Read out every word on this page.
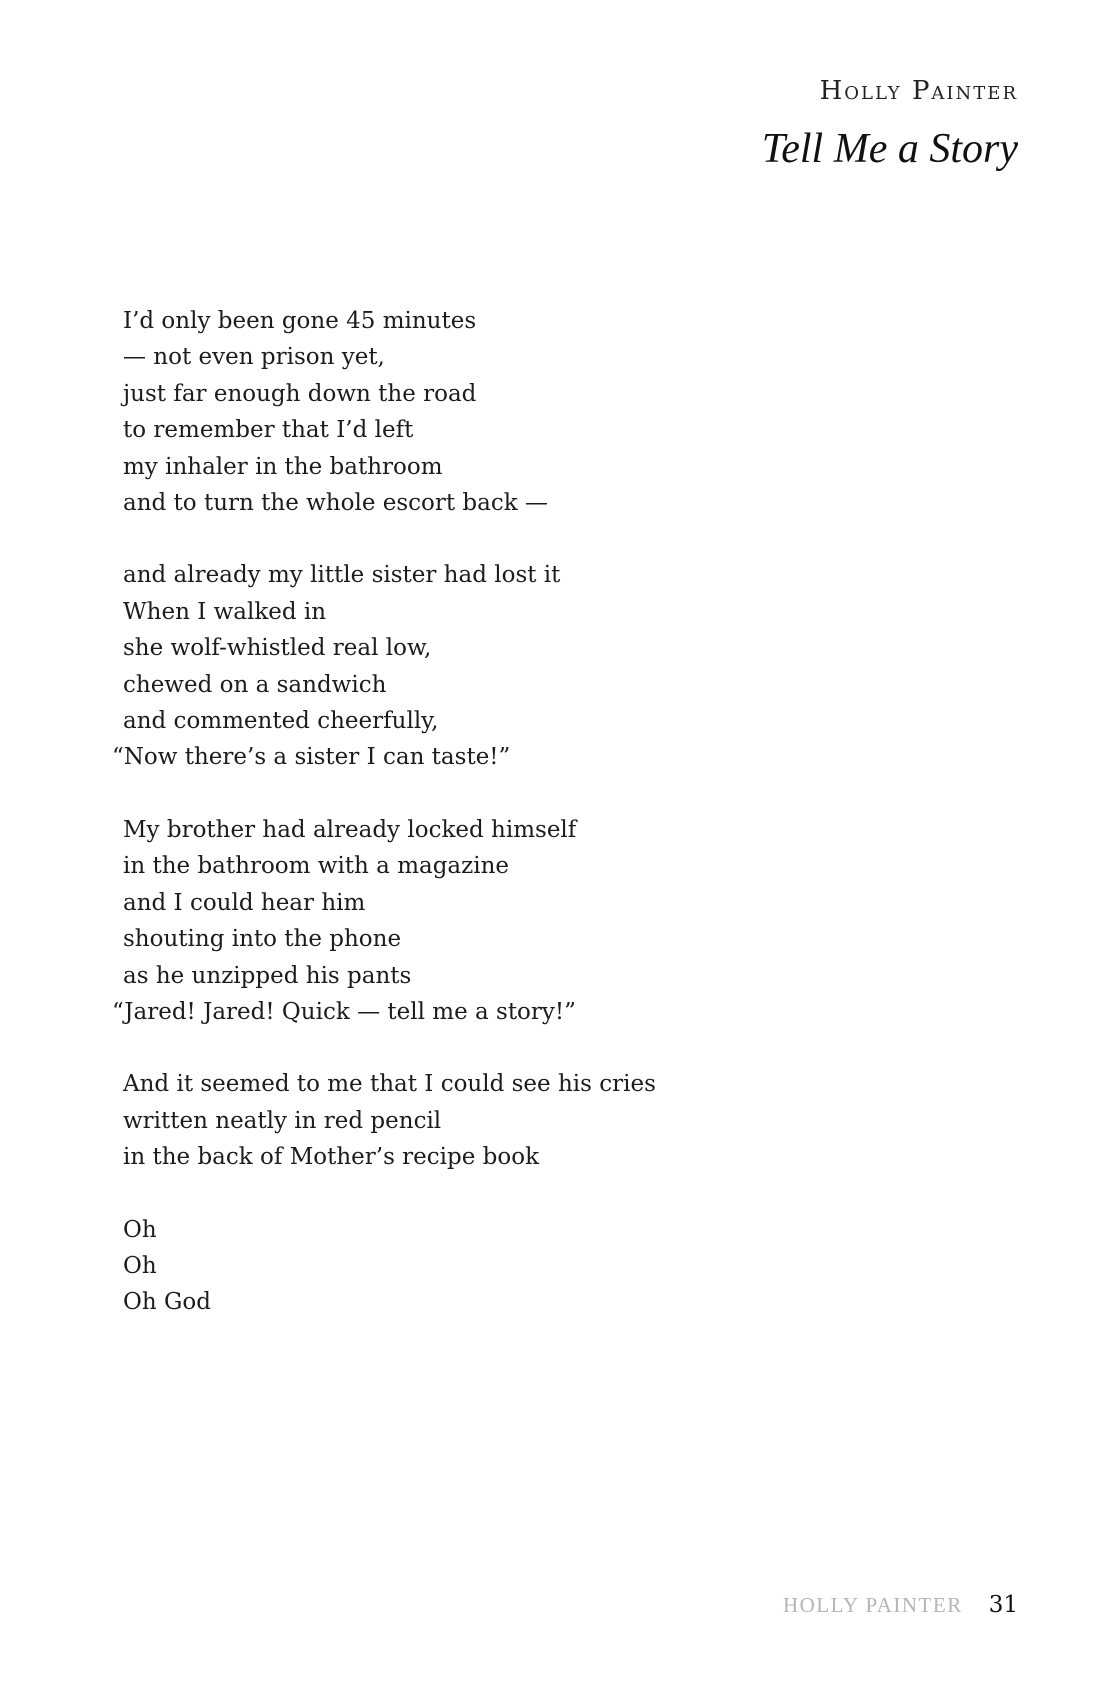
Holly Painter
Tell Me a Story
I’d only been gone 45 minutes
— not even prison yet,
just far enough down the road
to remember that I’d left
my inhaler in the bathroom
and to turn the whole escort back —
and already my little sister had lost it
When I walked in
she wolf-whistled real low,
chewed on a sandwich
and commented cheerfully,
“Now there’s a sister I can taste!”
My brother had already locked himself
in the bathroom with a magazine
and I could hear him
shouting into the phone
as he unzipped his pants
“Jared! Jared! Quick — tell me a story!”
And it seemed to me that I could see his cries
written neatly in red pencil
in the back of Mother’s recipe book
Oh
Oh
Oh God
HOLLY PAINTER 31
